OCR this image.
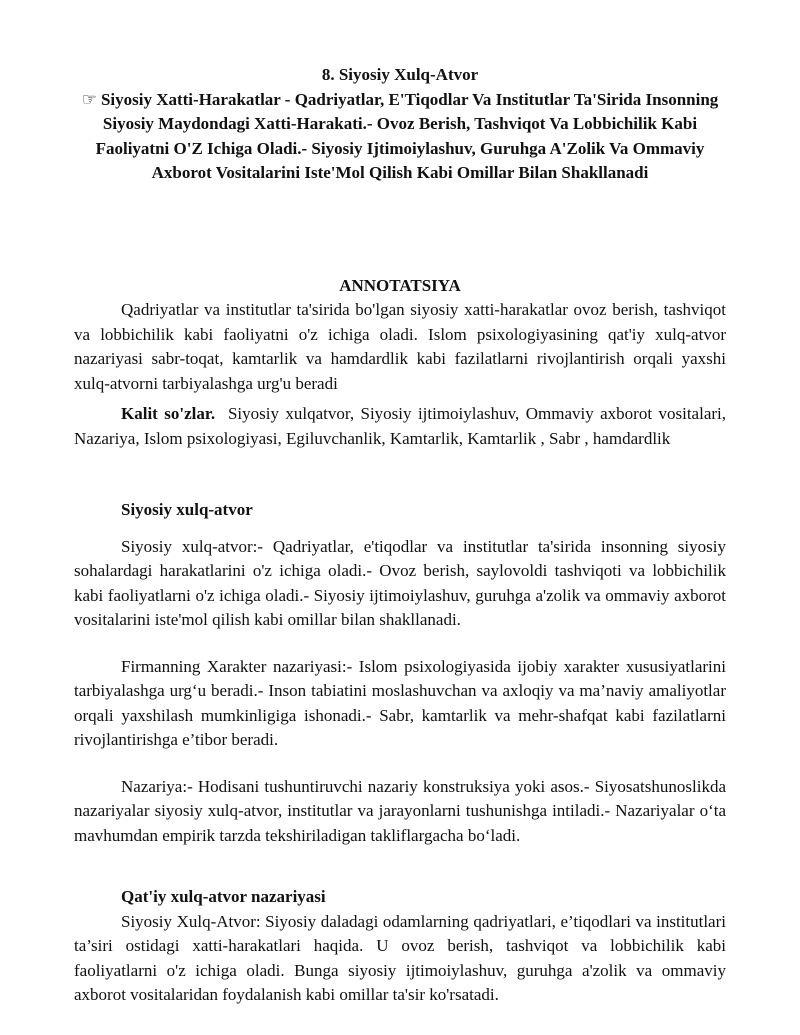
8. Siyosiy Xulq-Atvor
☞ Siyosiy Xatti-Harakatlar - Qadriyatlar, E'Tiqodlar Va Institutlar Ta'Sirida Insonning Siyosiy Maydondagi Xatti-Harakati.- Ovoz Berish, Tashviqot Va Lobbichilik Kabi Faoliyatni O'Z Ichiga Oladi.- Siyosiy Ijtimoiylashuv, Guruhga A'Zolik Va Ommaviy Axborot Vositalarini Iste'Mol Qilish Kabi Omillar Bilan Shakllanadi
ANNOTATSIYA

Qadriyatlar va institutlar ta'sirida bo'lgan siyosiy xatti-harakatlar ovoz berish, tashviqot va lobbichilik kabi faoliyatni o'z ichiga oladi. Islom psixologiyasining qat'iy xulq-atvor nazariyasi sabr-toqat, kamtarlik va hamdardlik kabi fazilatlarni rivojlantirish orqali yaxshi xulq-atvorni tarbiyalashga urg'u beradi

Kalit so'zlar. Siyosiy xulqatvor, Siyosiy ijtimoiylashuv, Ommaviy axborot vositalari, Nazariya, Islom psixologiyasi, Egiluvchanlik, Kamtarlik, Kamtarlik , Sabr , hamdardlik

Siyosiy xulq-atvor

Siyosiy xulq-atvor:- Qadriyatlar, e'tiqodlar va institutlar ta'sirida insonning siyosiy sohalardagi harakatlarini o'z ichiga oladi.- Ovoz berish, saylovoldi tashviqoti va lobbichilik kabi faoliyatlarni o'z ichiga oladi.- Siyosiy ijtimoiylashuv, guruhga a'zolik va ommaviy axborot vositalarini iste'mol qilish kabi omillar bilan shakllanadi.

Firmanning Xarakter nazariyasi:- Islom psixologiyasida ijobiy xarakter xususiyatlarini tarbiyalashga urg‘u beradi.- Inson tabiatini moslashuvchan va axloqiy va ma’naviy amaliyotlar orqali yaxshilash mumkinligiga ishonadi.- Sabr, kamtarlik va mehr-shafqat kabi fazilatlarni rivojlantirishga e’tibor beradi.

Nazariya:- Hodisani tushuntiruvchi nazariy konstruksiya yoki asos.- Siyosatshunoslikda nazariyalar siyosiy xulq-atvor, institutlar va jarayonlarni tushunishga intiladi.- Nazariyalar o‘ta mavhumdan empirik tarzda tekshiriladigan takliflargacha bo‘ladi.

Qat'iy xulq-atvor nazariyasi

Siyosiy Xulq-Atvor: Siyosiy daladagi odamlarning qadriyatlari, e’tiqodlari va institutlari ta’siri ostidagi xatti-harakatlari haqida. U ovoz berish, tashviqot va lobbichilik kabi faoliyatlarni o'z ichiga oladi. Bunga siyosiy ijtimoiylashuv, guruhga a'zolik va ommaviy axborot vositalaridan foydalanish kabi omillar ta'sir ko'rsatadi.
